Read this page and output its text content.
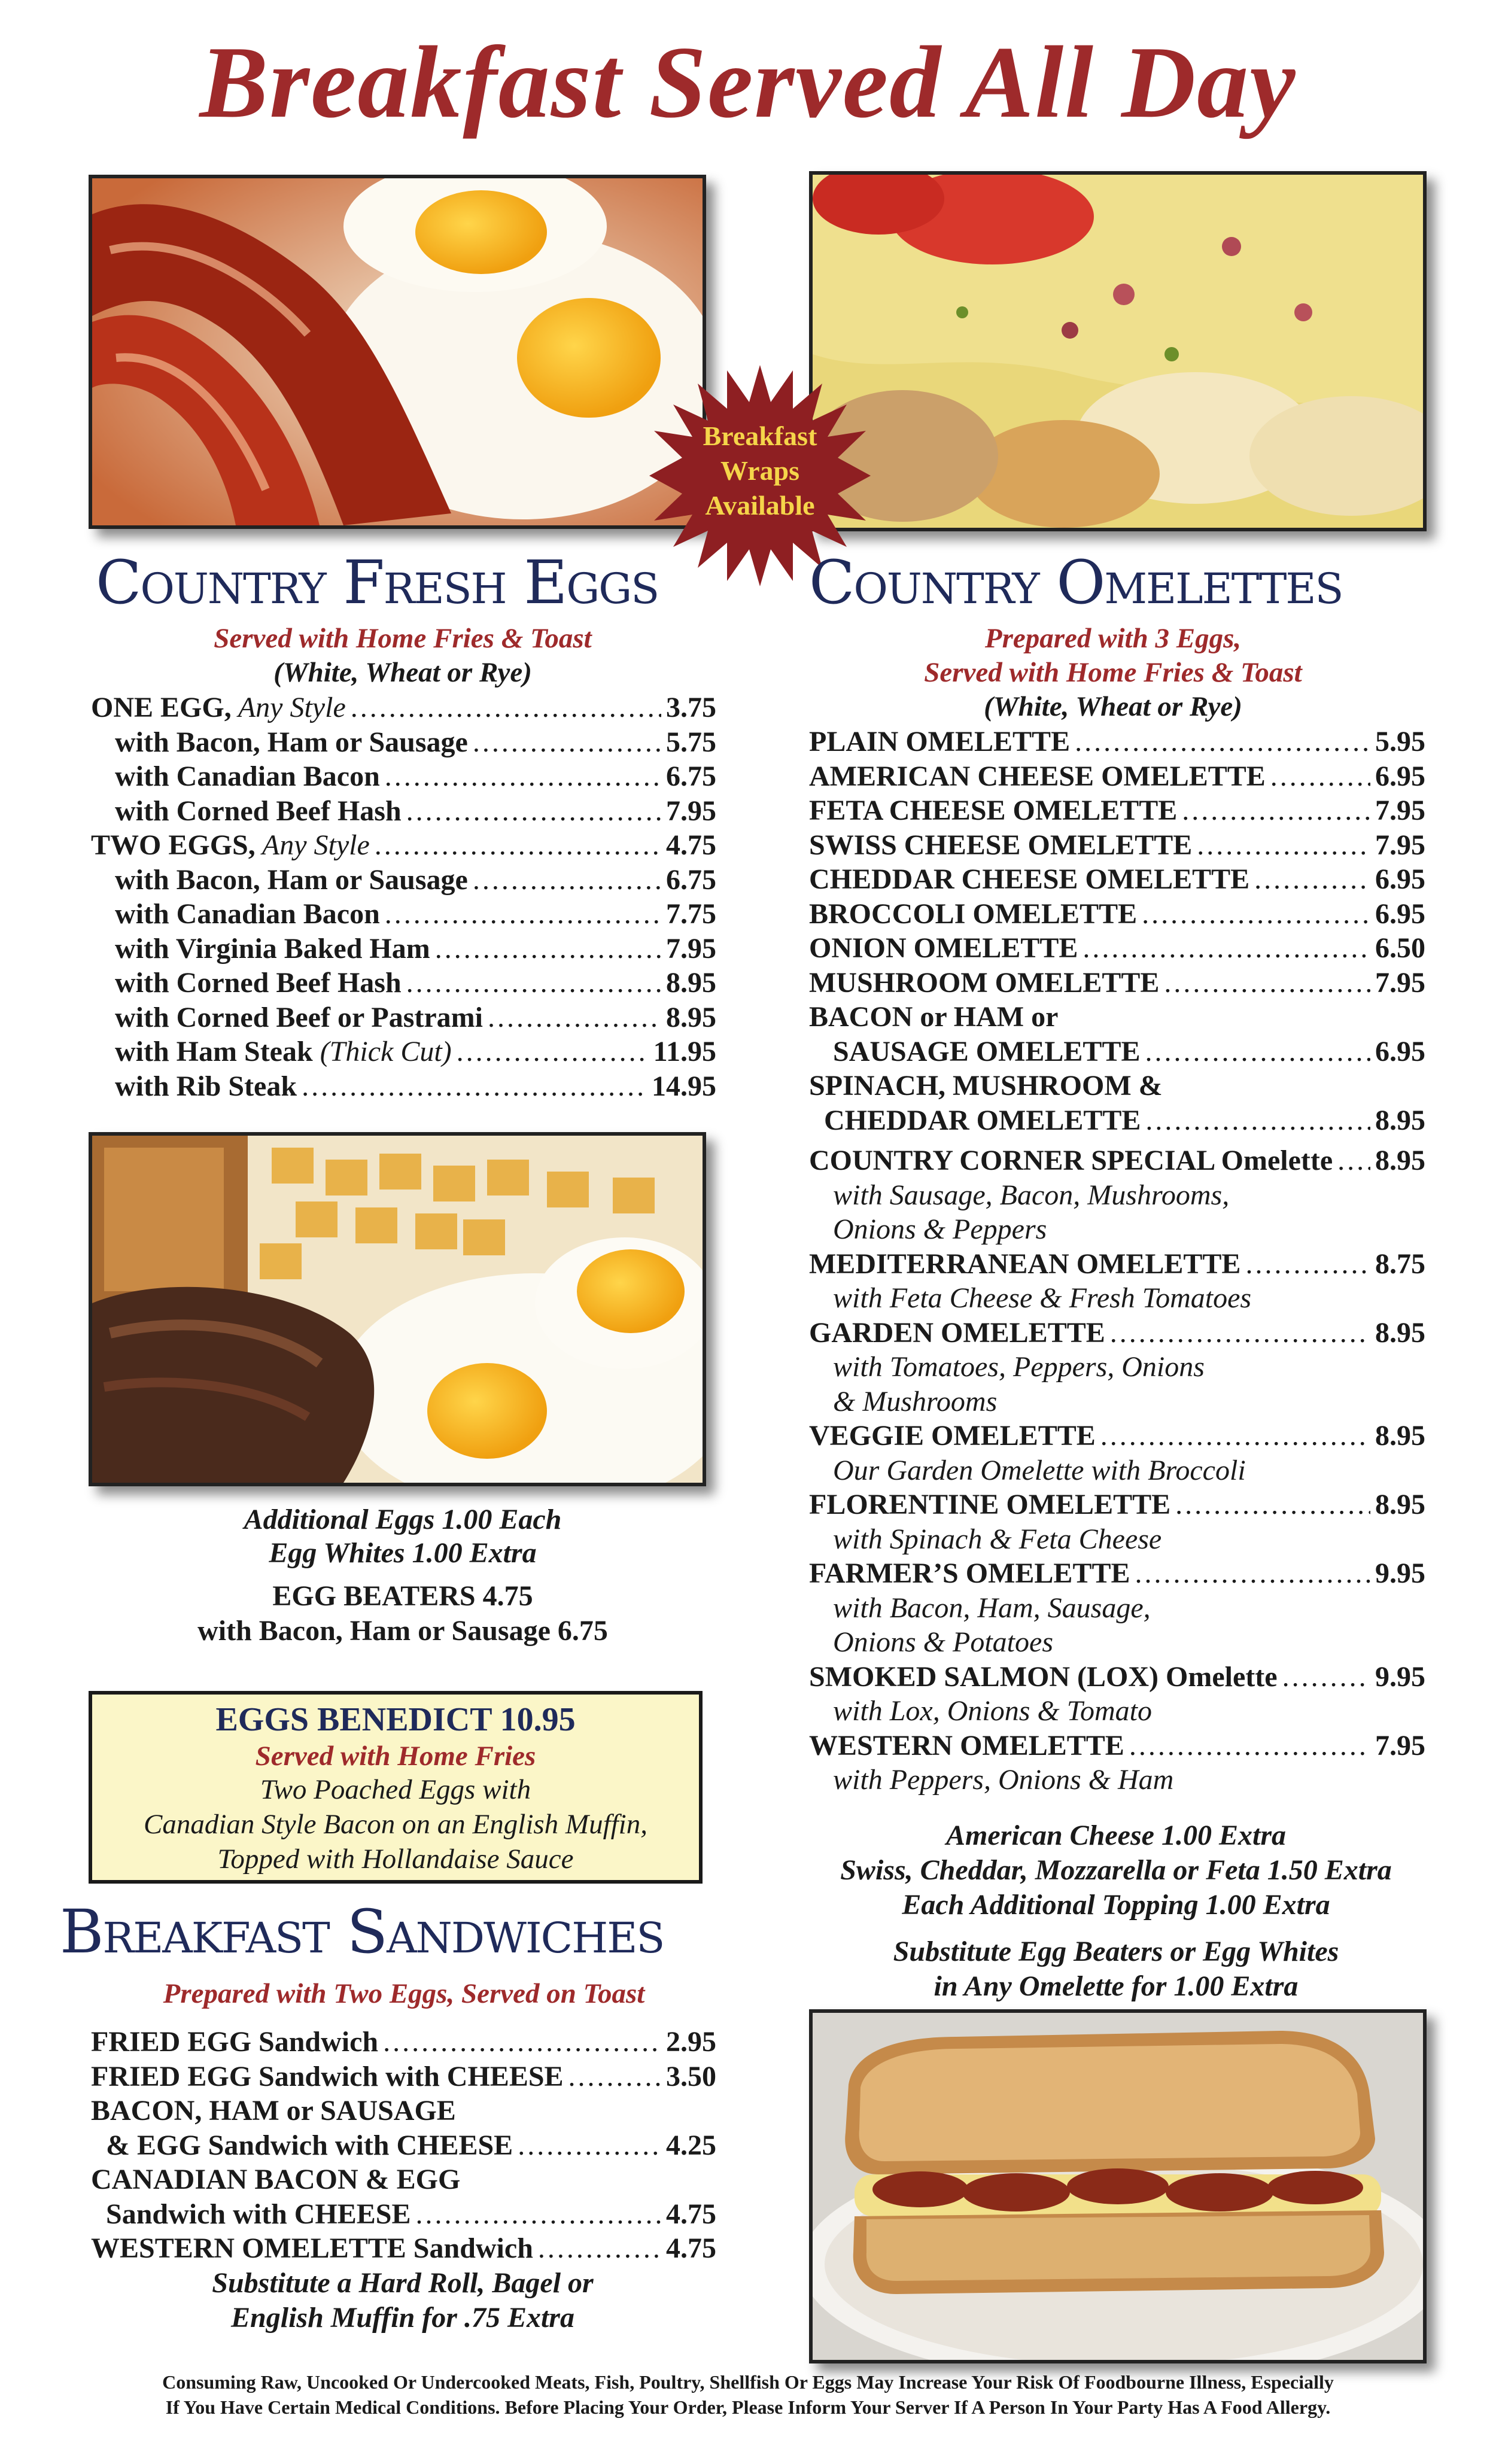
Breakfast Served All Day
Breakfast
Wraps
Available
Country Fresh Eggs
Served with Home Fries & Toast
(White, Wheat or Rye)
ONE EGG, Any Style .....	3.75
with Bacon, Ham or Sausage .....	5.75
with Canadian Bacon .....	6.75
with Corned Beef Hash .....	7.95
TWO EGGS, Any Style .....	4.75
with Bacon, Ham or Sausage .....	6.75
with Canadian Bacon .....	7.75
with Virginia Baked Ham .....	7.95
with Corned Beef Hash .....	8.95
with Corned Beef or Pastrami .....	8.95
with Ham Steak (Thick Cut) .....	11.95
with Rib Steak .....	14.95
Additional Eggs 1.00 Each
Egg Whites 1.00 Extra
EGG BEATERS 4.75
with Bacon, Ham or Sausage 6.75
EGGS BENEDICT 10.95
Served with Home Fries
Two Poached Eggs with
Canadian Style Bacon on an English Muffin,
Topped with Hollandaise Sauce
Breakfast Sandwiches
Prepared with Two Eggs, Served on Toast
FRIED EGG Sandwich .....	2.95
FRIED EGG Sandwich with CHEESE .....	3.50
BACON, HAM or SAUSAGE
& EGG Sandwich with CHEESE .....	4.25
CANADIAN BACON & EGG
Sandwich with CHEESE .....	4.75
WESTERN OMELETTE Sandwich .....	4.75
Substitute a Hard Roll, Bagel or
English Muffin for .75 Extra
Country Omelettes
Prepared with 3 Eggs,
Served with Home Fries & Toast
(White, Wheat or Rye)
PLAIN OMELETTE .....	5.95
AMERICAN CHEESE OMELETTE .....	6.95
FETA CHEESE OMELETTE .....	7.95
SWISS CHEESE OMELETTE .....	7.95
CHEDDAR CHEESE OMELETTE .....	6.95
BROCCOLI OMELETTE .....	6.95
ONION OMELETTE .....	6.50
MUSHROOM OMELETTE .....	7.95
BACON or HAM or
SAUSAGE OMELETTE .....	6.95
SPINACH, MUSHROOM &
CHEDDAR OMELETTE .....	8.95
COUNTRY CORNER SPECIAL Omelette ..... 8.95
with Sausage, Bacon, Mushrooms,
Onions & Peppers
MEDITERRANEAN OMELETTE .....	8.75
with Feta Cheese & Fresh Tomatoes
GARDEN OMELETTE .....	8.95
with Tomatoes, Peppers, Onions
& Mushrooms
VEGGIE OMELETTE .....	8.95
Our Garden Omelette with Broccoli
FLORENTINE OMELETTE .....	8.95
with Spinach & Feta Cheese
FARMER’S OMELETTE .....	9.95
with Bacon, Ham, Sausage,
Onions & Potatoes
SMOKED SALMON (LOX) Omelette .....	9.95
with Lox, Onions & Tomato
WESTERN OMELETTE .....	7.95
with Peppers, Onions & Ham
American Cheese 1.00 Extra
Swiss, Cheddar, Mozzarella or Feta 1.50 Extra
Each Additional Topping 1.00 Extra
Substitute Egg Beaters or Egg Whites
in Any Omelette for 1.00 Extra
Consuming Raw, Uncooked Or Undercooked Meats, Fish, Poultry, Shellfish Or Eggs May Increase Your Risk Of Foodbourne Illness, Especially
If You Have Certain Medical Conditions. Before Placing Your Order, Please Inform Your Server If A Person In Your Party Has A Food Allergy.
